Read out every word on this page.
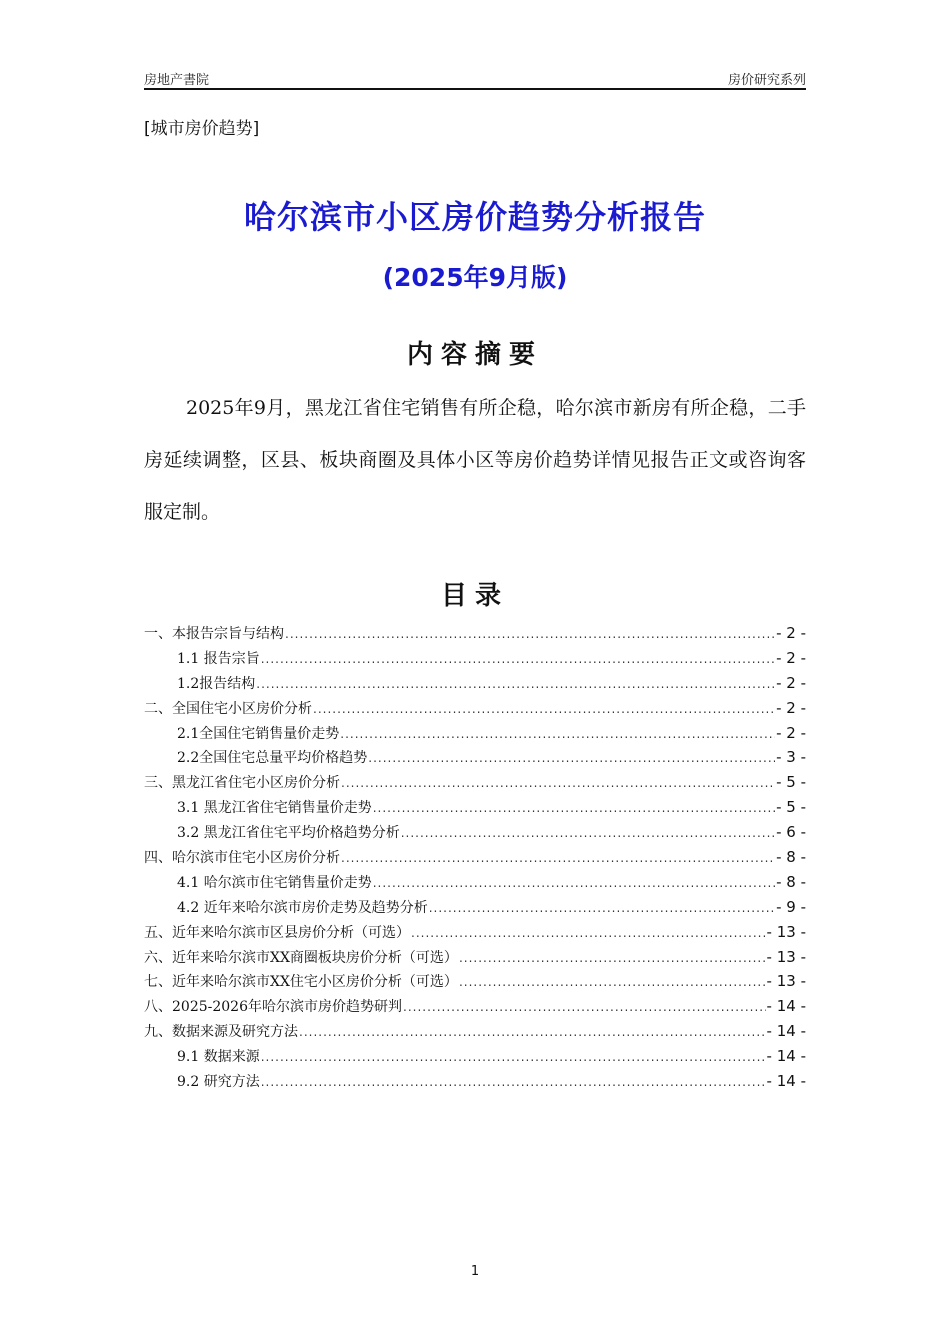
房地产書院	房价研究系列
[城市房价趋势]
哈尔滨市小区房价趋势分析报告
(2025年9月版)
内容摘要
2025年9月，黑龙江省住宅销售有所企稳，哈尔滨市新房有所企稳，二手房延续调整，区县、板块商圈及具体小区等房价趋势详情见报告正文或咨询客服定制。
目录
一、本报告宗旨与结构 .....	- 2 -
1.1 报告宗旨 .....	- 2 -
1.2报告结构 .....	- 2 -
二、全国住宅小区房价分析 .....	- 2 -
2.1全国住宅销售量价走势 .....	- 2 -
2.2全国住宅总量平均价格趋势 .....	- 3 -
三、黑龙江省住宅小区房价分析 .....	- 5 -
3.1 黑龙江省住宅销售量价走势 .....	- 5 -
3.2 黑龙江省住宅平均价格趋势分析 .....	- 6 -
四、哈尔滨市住宅小区房价分析 .....	- 8 -
4.1 哈尔滨市住宅销售量价走势 .....	- 8 -
4.2 近年来哈尔滨市房价走势及趋势分析 .....	- 9 -
五、近年来哈尔滨市区县房价分析（可选） .....	- 13 -
六、近年来哈尔滨市XX商圈板块房价分析（可选） .....	- 13 -
七、近年来哈尔滨市XX住宅小区房价分析（可选） .....	- 13 -
八、2025-2026年哈尔滨市房价趋势研判 .....	- 14 -
九、数据来源及研究方法 .....	- 14 -
9.1 数据来源 .....	- 14 -
9.2 研究方法 .....	- 14 -
1
